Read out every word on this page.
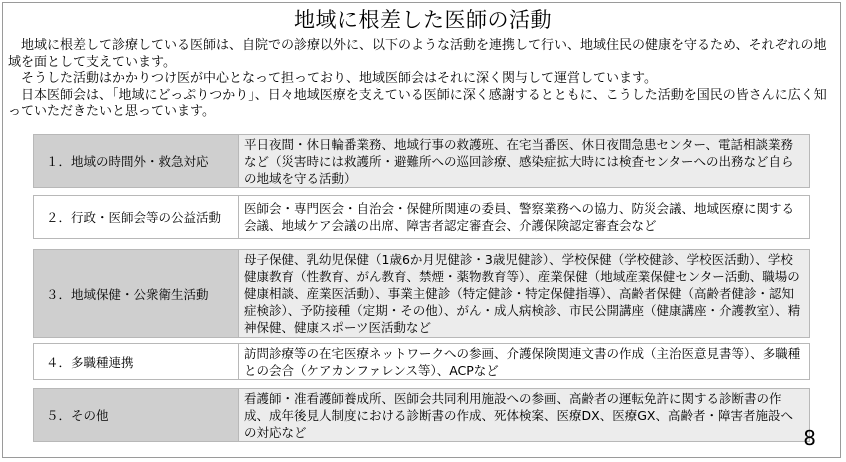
地域に根差した医師の活動

　地域に根差して診療している医師は、自院での診療以外に、以下のような活動を連携して行い、地域住民の健康を守るため、それぞれの地域を面として支えています。

　そうした活動はかかりつけ医が中心となって担っており、地域医師会はそれに深く関与して運営しています。

　日本医師会は、「地域にどっぷりつかり」、日々地域医療を支えている医師に深く感謝するとともに、こうした活動を国民の皆さんに広く知っていただきたいと思っています。

１．地域の時間外・救急対応
平日夜間・休日輪番業務、地域行事の救護班、在宅当番医、休日夜間急患センター、電話相談業務など（災害時には救護所・避難所への巡回診療、感染症拡大時には検査センターへの出務など自らの地域を守る活動）
２．行政・医師会等の公益活動
医師会・専門医会・自治会・保健所関連の委員、警察業務への協力、防災会議、地域医療に関する会議、地域ケア会議の出席、障害者認定審査会、介護保険認定審査会など
３．地域保健・公衆衛生活動
母子保健、乳幼児保健（1歳6か月児健診・3歳児健診）、学校保健（学校健診、学校医活動）、学校健康教育（性教育、がん教育、禁煙・薬物教育等）、産業保健（地域産業保健センター活動、職場の健康相談、産業医活動）、事業主健診（特定健診・特定保健指導）、高齢者保健（高齢者健診・認知症検診）、予防接種（定期・その他）、がん・成人病検診、市民公開講座（健康講座・介護教室）、精神保健、健康スポーツ医活動など
４．多職種連携
訪問診療等の在宅医療ネットワークへの参画、介護保険関連文書の作成（主治医意見書等）、多職種との会合（ケアカンファレンス等）、ACPなど
５．その他
看護師・准看護師養成所、医師会共同利用施設への参画、高齢者の運転免許に関する診断書の作成、成年後見人制度における診断書の作成、死体検案、医療DX、医療GX、高齢者・障害者施設への対応など	8
